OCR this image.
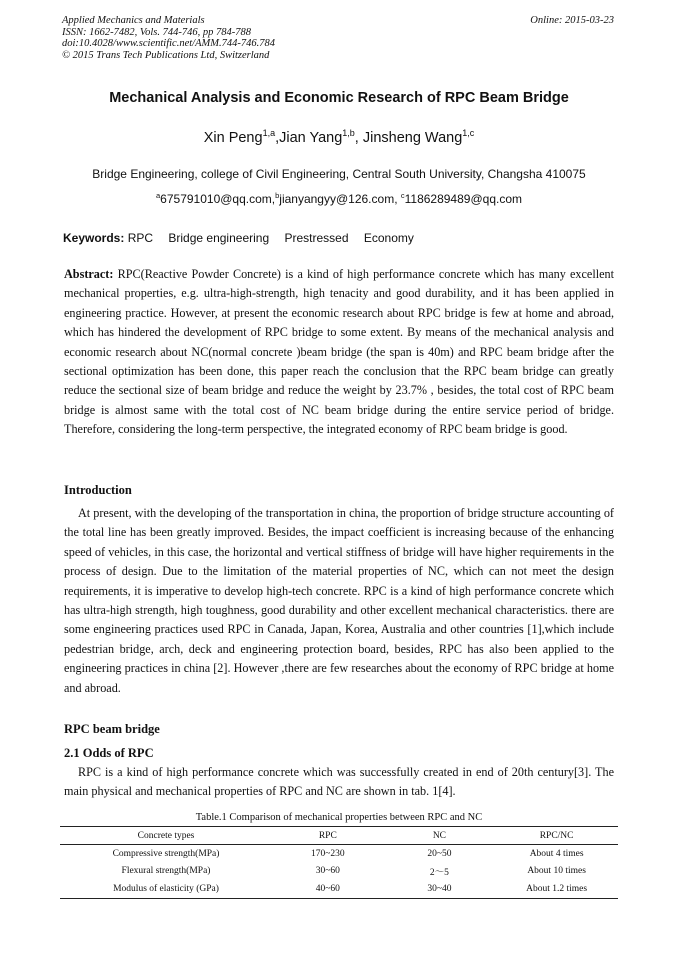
Applied Mechanics and Materials
ISSN: 1662-7482, Vols. 744-746, pp 784-788
doi:10.4028/www.scientific.net/AMM.744-746.784
© 2015 Trans Tech Publications Ltd, Switzerland
Online: 2015-03-23
Mechanical Analysis and Economic Research of RPC Beam Bridge
Xin Peng$^{1,a}$,Jian Yang$^{1,b}$, Jinsheng Wang$^{1,c}$
Bridge Engineering, college of Civil Engineering, Central South University, Changsha 410075
$^a$675791010@qq.com,$^b$jianyangyy@126.com, $^c$1186289489@qq.com
Keywords: RPC Bridge engineering Prestressed Economy
Abstract: RPC(Reactive Powder Concrete) is a kind of high performance concrete which has many excellent mechanical properties, e.g. ultra-high-strength, high tenacity and good durability, and it has been applied in engineering practice. However, at present the economic research about RPC bridge is few at home and abroad, which has hindered the development of RPC bridge to some extent. By means of the mechanical analysis and economic research about NC(normal concrete )beam bridge (the span is 40m) and RPC beam bridge after the sectional optimization has been done, this paper reach the conclusion that the RPC beam bridge can greatly reduce the sectional size of beam bridge and reduce the weight by 23.7% , besides, the total cost of RPC beam bridge is almost same with the total cost of NC beam bridge during the entire service period of bridge. Therefore, considering the long-term perspective, the integrated economy of RPC beam bridge is good.
Introduction
At present, with the developing of the transportation in china, the proportion of bridge structure accounting of the total line has been greatly improved. Besides, the impact coefficient is increasing because of the enhancing speed of vehicles, in this case, the horizontal and vertical stiffness of bridge will have higher requirements in the process of design. Due to the limitation of the material properties of NC, which can not meet the design requirements, it is imperative to develop high-tech concrete. RPC is a kind of high performance concrete which has ultra-high strength, high toughness, good durability and other excellent mechanical characteristics. there are some engineering practices used RPC in Canada, Japan, Korea, Australia and other countries [1],which include pedestrian bridge, arch, deck and engineering protection board, besides, RPC has also been applied to the engineering practices in china [2]. However ,there are few researches about the economy of RPC bridge at home and abroad.
RPC beam bridge
2.1 Odds of RPC
RPC is a kind of high performance concrete which was successfully created in end of 20th century[3]. The main physical and mechanical properties of RPC and NC are shown in tab. 1[4].
Table.1 Comparison of mechanical properties between RPC and NC
Concrete types	RPC	NC	RPC/NC
Compressive strength(MPa)	170~230	20~50	About 4 times
Flexural strength(MPa)	30~60	2～5	About 10 times
Modulus of elasticity (GPa)	40~60	30~40	About 1.2 times
